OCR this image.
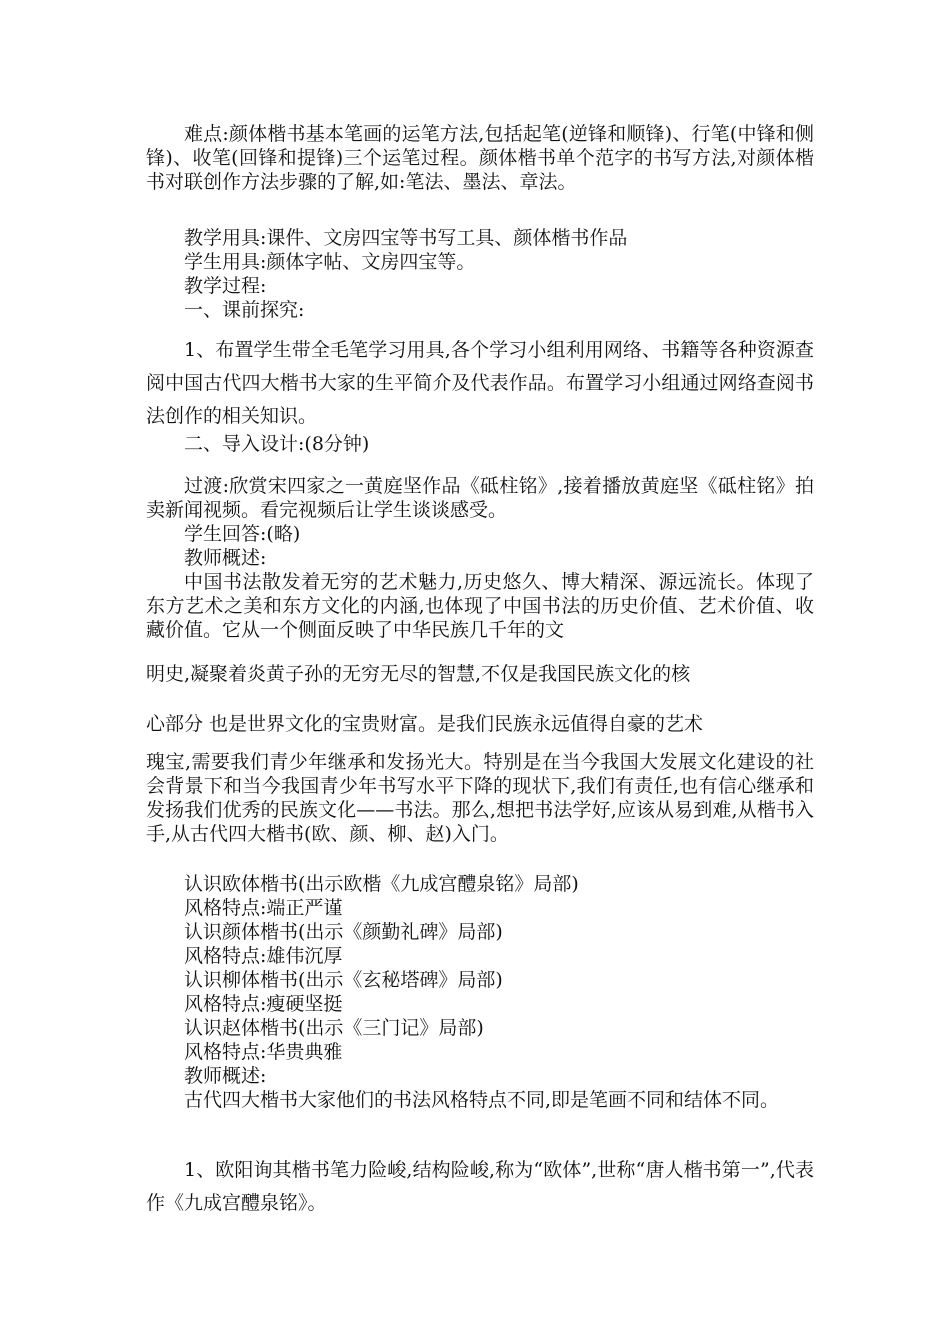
难点:颜体楷书基本笔画的运笔方法,包括起笔(逆锋和顺锋)、行笔(中锋和侧锋)、收笔(回锋和提锋)三个运笔过程。颜体楷书单个范字的书写方法,对颜体楷书对联创作方法步骤的了解,如:笔法、墨法、章法。

教学用具:课件、文房四宝等书写工具、颜体楷书作品

学生用具:颜体字帖、文房四宝等。

教学过程:

一、课前探究:

1、布置学生带全毛笔学习用具,各个学习小组利用网络、书籍等各种资源查阅中国古代四大楷书大家的生平简介及代表作品。布置学习小组通过网络查阅书法创作的相关知识。

二、导入设计:(8分钟)

过渡:欣赏宋四家之一黄庭坚作品《砥柱铭》,接着播放黄庭坚《砥柱铭》拍卖新闻视频。看完视频后让学生谈谈感受。

学生回答:(略)

教师概述:

中国书法散发着无穷的艺术魅力,历史悠久、博大精深、源远流长。体现了东方艺术之美和东方文化的内涵,也体现了中国书法的历史价值、艺术价值、收藏价值。它从一个侧面反映了中华民族几千年的文

明史,凝聚着炎黄子孙的无穷无尽的智慧,不仅是我国民族文化的核

心部分 也是世界文化的宝贵财富。是我们民族永远值得自豪的艺术

瑰宝,需要我们青少年继承和发扬光大。特别是在当今我国大发展文化建设的社会背景下和当今我国青少年书写水平下降的现状下,我们有责任,也有信心继承和发扬我们优秀的民族文化——书法。那么,想把书法学好,应该从易到难,从楷书入手,从古代四大楷书(欧、颜、柳、赵)入门。

认识欧体楷书(出示欧楷《九成宫醴泉铭》局部)

风格特点:端正严谨

认识颜体楷书(出示《颜勤礼碑》局部)

风格特点:雄伟沉厚

认识柳体楷书(出示《玄秘塔碑》局部)

风格特点:瘦硬坚挺

认识赵体楷书(出示《三门记》局部)

风格特点:华贵典雅

教师概述:

古代四大楷书大家他们的书法风格特点不同,即是笔画不同和结体不同。

1、欧阳询其楷书笔力险峻,结构险峻,称为“欧体”,世称“唐人楷书第一”,代表作《九成宫醴泉铭》。
